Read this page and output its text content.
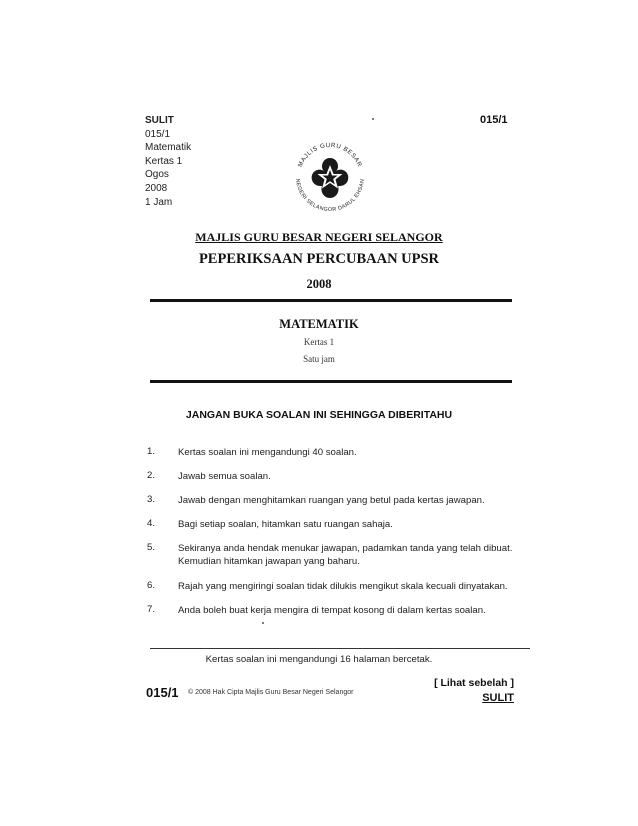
SULIT
015/1
Matematik
Kertas 1
Ogos
2008
1 Jam
015/1
MAJLIS GURU BESAR
NEGERI SELANGOR DARUL EHSAN
MAJLIS GURU BESAR NEGERI SELANGOR
PEPERIKSAAN PERCUBAAN UPSR
2008
MATEMATIK
Kertas 1
Satu jam
JANGAN BUKA SOALAN INI SEHINGGA DIBERITAHU
1. Kertas soalan ini mengandungi 40 soalan.
2. Jawab semua soalan.
3. Jawab dengan menghitamkan ruangan yang betul pada kertas jawapan.
4. Bagi setiap soalan, hitamkan satu ruangan sahaja.
5. Sekiranya anda hendak menukar jawapan, padamkan tanda yang telah dibuat. Kemudian hitamkan jawapan yang baharu.
6. Rajah yang mengiringi soalan tidak dilukis mengikut skala kecuali dinyatakan.
7. Anda boleh buat kerja mengira di tempat kosong di dalam kertas soalan.
Kertas soalan ini mengandungi 16 halaman bercetak.
[ Lihat sebelah ]
015/1 © 2008 Hak Cipta Majlis Guru Besar Negeri Selangor	SULIT
